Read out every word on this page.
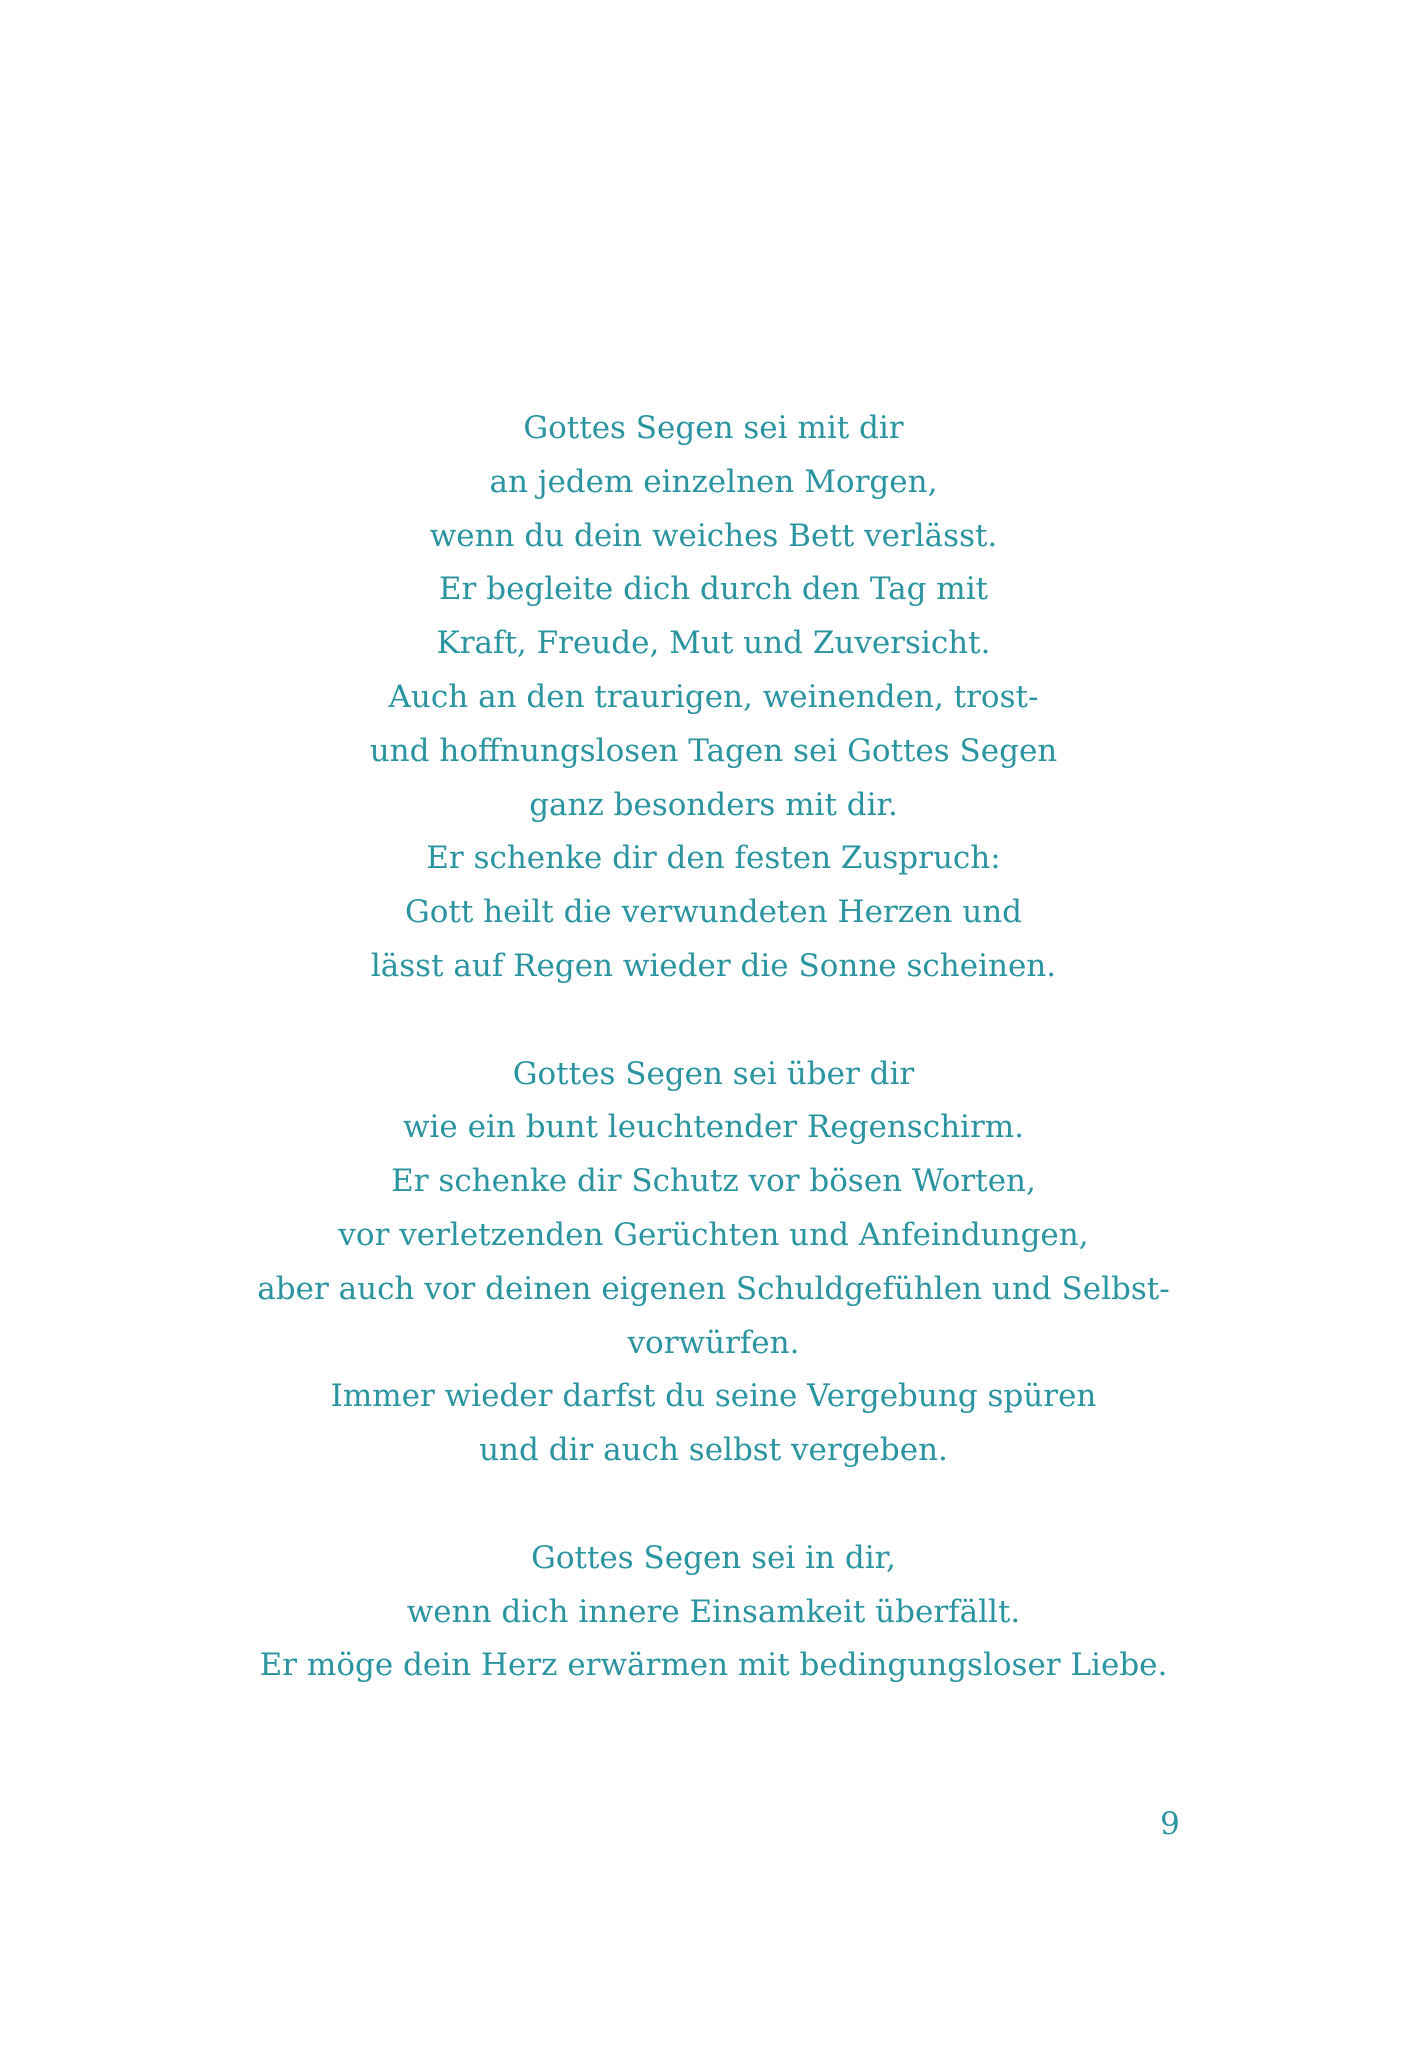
Gottes Segen sei mit dir
an jedem einzelnen Morgen,
wenn du dein weiches Bett verlässt.
Er begleite dich durch den Tag mit
Kraft, Freude, Mut und Zuversicht.
Auch an den traurigen, weinenden, trost-
und hoffnungslosen Tagen sei Gottes Segen
ganz besonders mit dir.
Er schenke dir den festen Zuspruch:
Gott heilt die verwundeten Herzen und
lässt auf Regen wieder die Sonne scheinen.

Gottes Segen sei über dir
wie ein bunt leuchtender Regenschirm.
Er schenke dir Schutz vor bösen Worten,
vor verletzenden Gerüchten und Anfeindungen,
aber auch vor deinen eigenen Schuldgefühlen und Selbst-
vorwürfen.
Immer wieder darfst du seine Vergebung spüren
und dir auch selbst vergeben.

Gottes Segen sei in dir,
wenn dich innere Einsamkeit überfällt.
Er möge dein Herz erwärmen mit bedingungsloser Liebe.

9
